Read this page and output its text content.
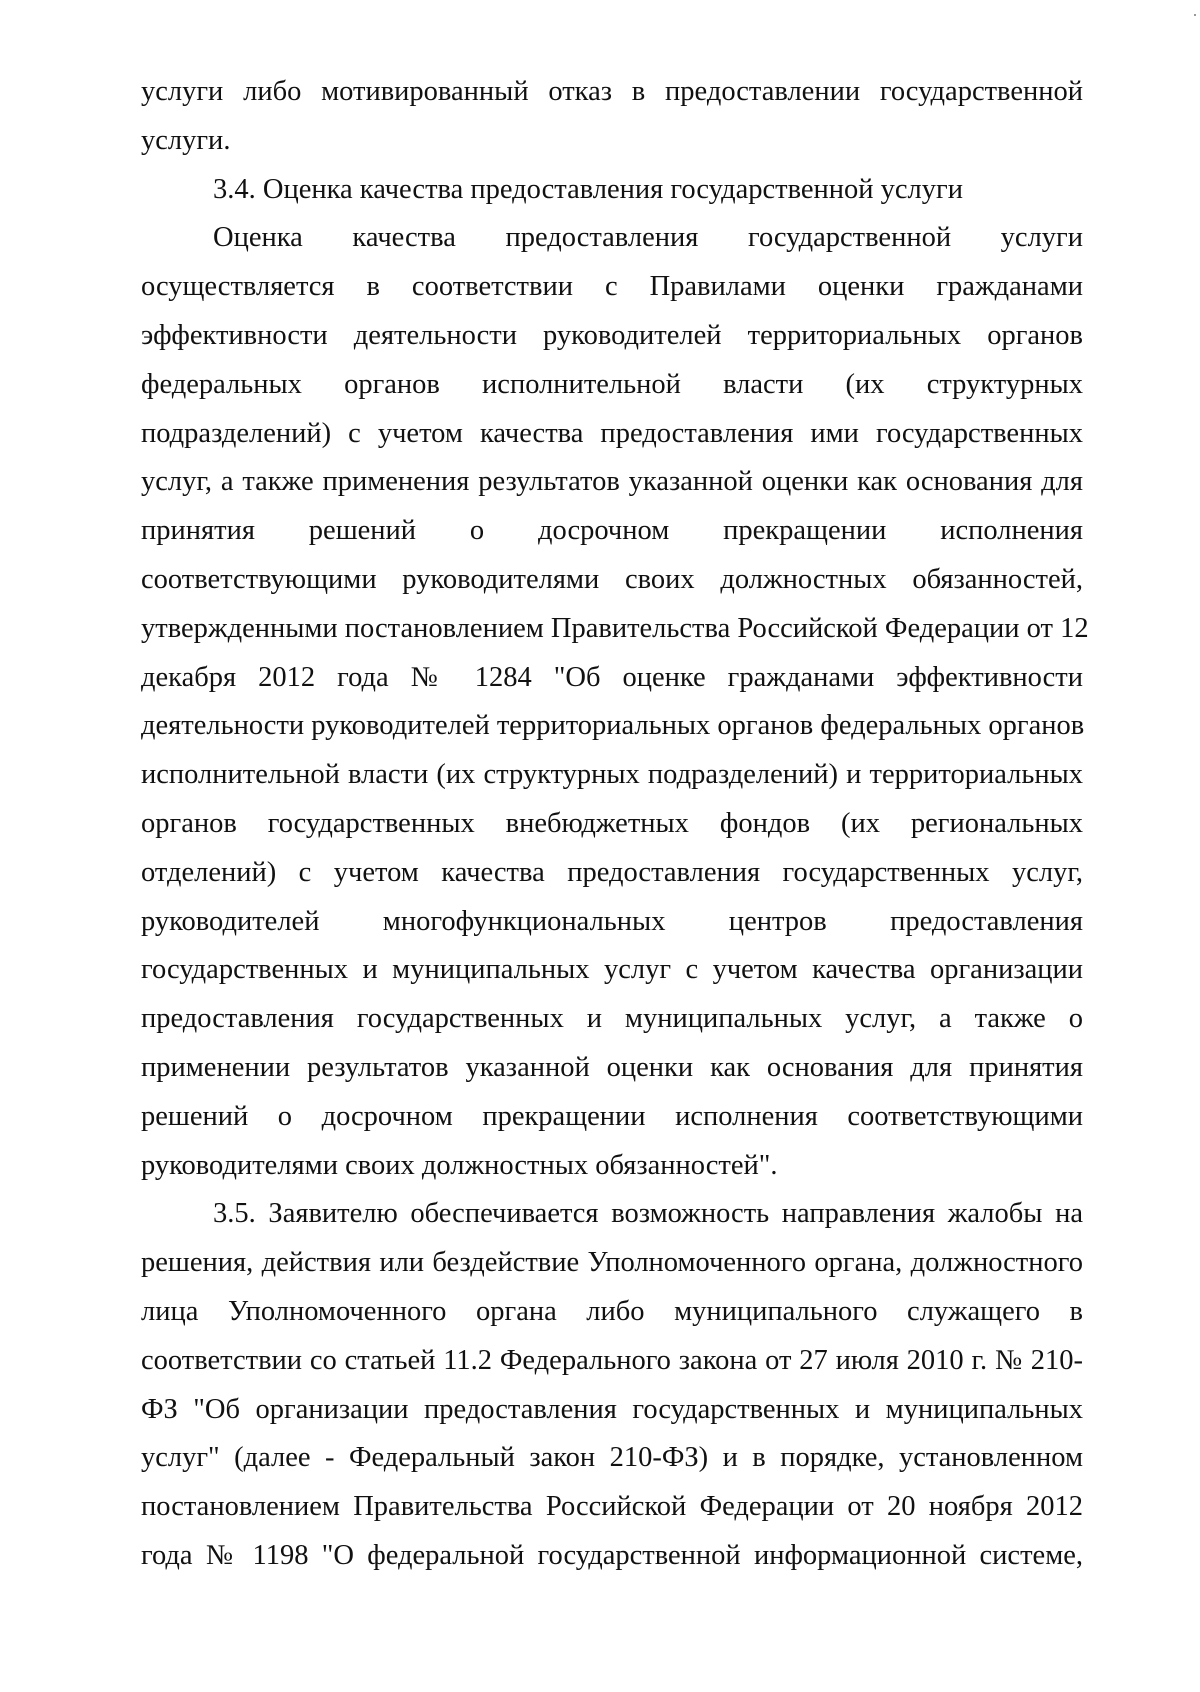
услуги либо мотивированный отказ в предоставлении государственной
услуги.
3.4. Оценка качества предоставления государственной услуги
Оценка качества предоставления государственной услуги
осуществляется в соответствии с Правилами оценки гражданами
эффективности деятельности руководителей территориальных органов
федеральных органов исполнительной власти (их структурных
подразделений) с учетом качества предоставления ими государственных
услуг, а также применения результатов указанной оценки как основания для
принятия решений о досрочном прекращении исполнения
соответствующими руководителями своих должностных обязанностей,
утвержденными постановлением Правительства Российской Федерации от 12
декабря 2012 года № 1284 "Об оценке гражданами эффективности
деятельности руководителей территориальных органов федеральных органов
исполнительной власти (их структурных подразделений) и территориальных
органов государственных внебюджетных фондов (их региональных
отделений) с учетом качества предоставления государственных услуг,
руководителей многофункциональных центров предоставления
государственных и муниципальных услуг с учетом качества организации
предоставления государственных и муниципальных услуг, а также о
применении результатов указанной оценки как основания для принятия
решений о досрочном прекращении исполнения соответствующими
руководителями своих должностных обязанностей".
3.5. Заявителю обеспечивается возможность направления жалобы на
решения, действия или бездействие Уполномоченного органа, должностного
лица Уполномоченного органа либо муниципального служащего в
соответствии со статьей 11.2 Федерального закона от 27 июля 2010 г. № 210-
ФЗ "Об организации предоставления государственных и муниципальных
услуг" (далее - Федеральный закон 210-ФЗ) и в порядке, установленном
постановлением Правительства Российской Федерации от 20 ноября 2012
года № 1198 "О федеральной государственной информационной системе,
